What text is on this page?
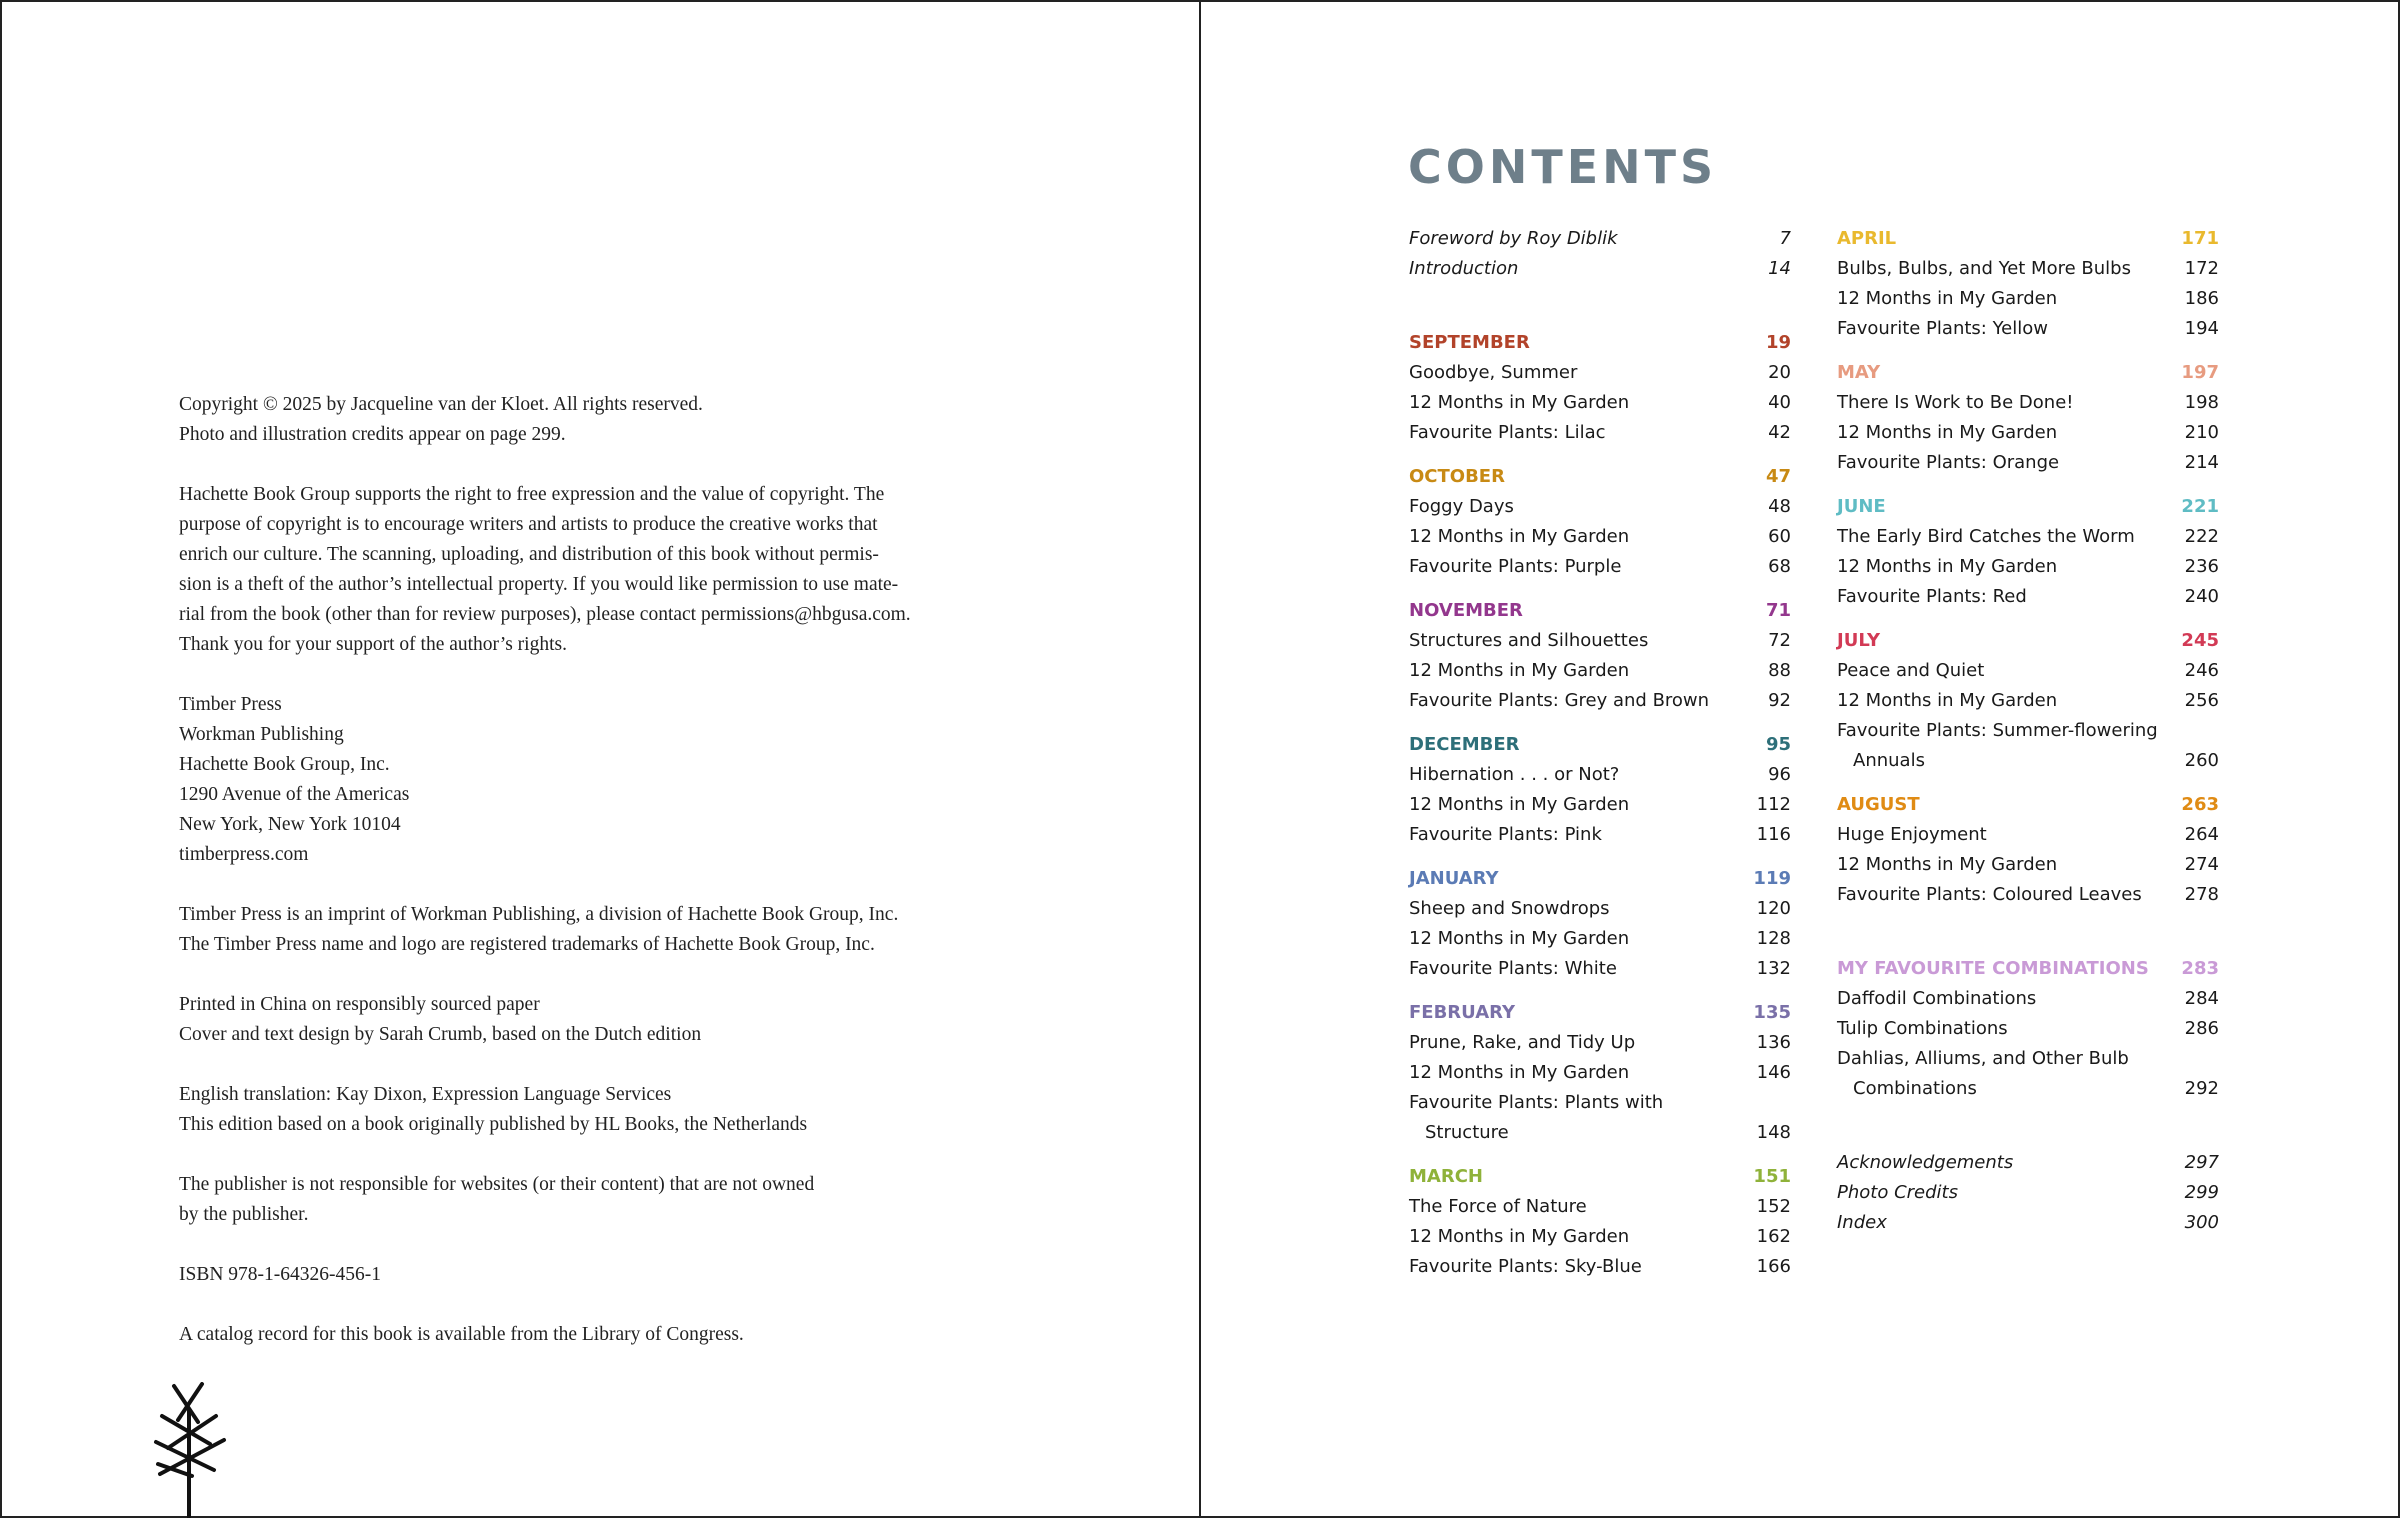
Copyright © 2025 by Jacqueline van der Kloet. All rights reserved.
Photo and illustration credits appear on page 299.

Hachette Book Group supports the right to free expression and the value of copyright. The
purpose of copyright is to encourage writers and artists to produce the creative works that
enrich our culture. The scanning, uploading, and distribution of this book without permis-
sion is a theft of the author’s intellectual property. If you would like permission to use mate-
rial from the book (other than for review purposes), please contact permissions@hbgusa.com.
Thank you for your support of the author’s rights.

Timber Press
Workman Publishing
Hachette Book Group, Inc.
1290 Avenue of the Americas
New York, New York 10104
timberpress.com

Timber Press is an imprint of Workman Publishing, a division of Hachette Book Group, Inc.
The Timber Press name and logo are registered trademarks of Hachette Book Group, Inc.

Printed in China on responsibly sourced paper
Cover and text design by Sarah Crumb, based on the Dutch edition

English translation: Kay Dixon, Expression Language Services
This edition based on a book originally published by HL Books, the Netherlands

The publisher is not responsible for websites (or their content) that are not owned
by the publisher.

ISBN 978-1-64326-456-1

A catalog record for this book is available from the Library of Congress.

CONTENTS
Foreword by Roy Diblik	7
Introduction	14
SEPTEMBER	19
Goodbye, Summer	20
12 Months in My Garden	40
Favourite Plants: Lilac	42
OCTOBER	47
Foggy Days	48
12 Months in My Garden	60
Favourite Plants: Purple	68
NOVEMBER	71
Structures and Silhouettes	72
12 Months in My Garden	88
Favourite Plants: Grey and Brown	92
DECEMBER	95
Hibernation . . . or Not?	96
12 Months in My Garden	112
Favourite Plants: Pink	116
JANUARY	119
Sheep and Snowdrops	120
12 Months in My Garden	128
Favourite Plants: White	132
FEBRUARY	135
Prune, Rake, and Tidy Up	136
12 Months in My Garden	146
Favourite Plants: Plants with
Structure	148
MARCH	151
The Force of Nature	152
12 Months in My Garden	162
Favourite Plants: Sky-Blue	166
APRIL	171
Bulbs, Bulbs, and Yet More Bulbs	172
12 Months in My Garden	186
Favourite Plants: Yellow	194
MAY	197
There Is Work to Be Done!	198
12 Months in My Garden	210
Favourite Plants: Orange	214
JUNE	221
The Early Bird Catches the Worm	222
12 Months in My Garden	236
Favourite Plants: Red	240
JULY	245
Peace and Quiet	246
12 Months in My Garden	256
Favourite Plants: Summer-flowering
Annuals	260
AUGUST	263
Huge Enjoyment	264
12 Months in My Garden	274
Favourite Plants: Coloured Leaves 278
MY FAVOURITE COMBINATIONS 283
Daffodil Combinations	284
Tulip Combinations	286
Dahlias, Alliums, and Other Bulb
Combinations	292
Acknowledgements	297
Photo Credits	299
Index	300
